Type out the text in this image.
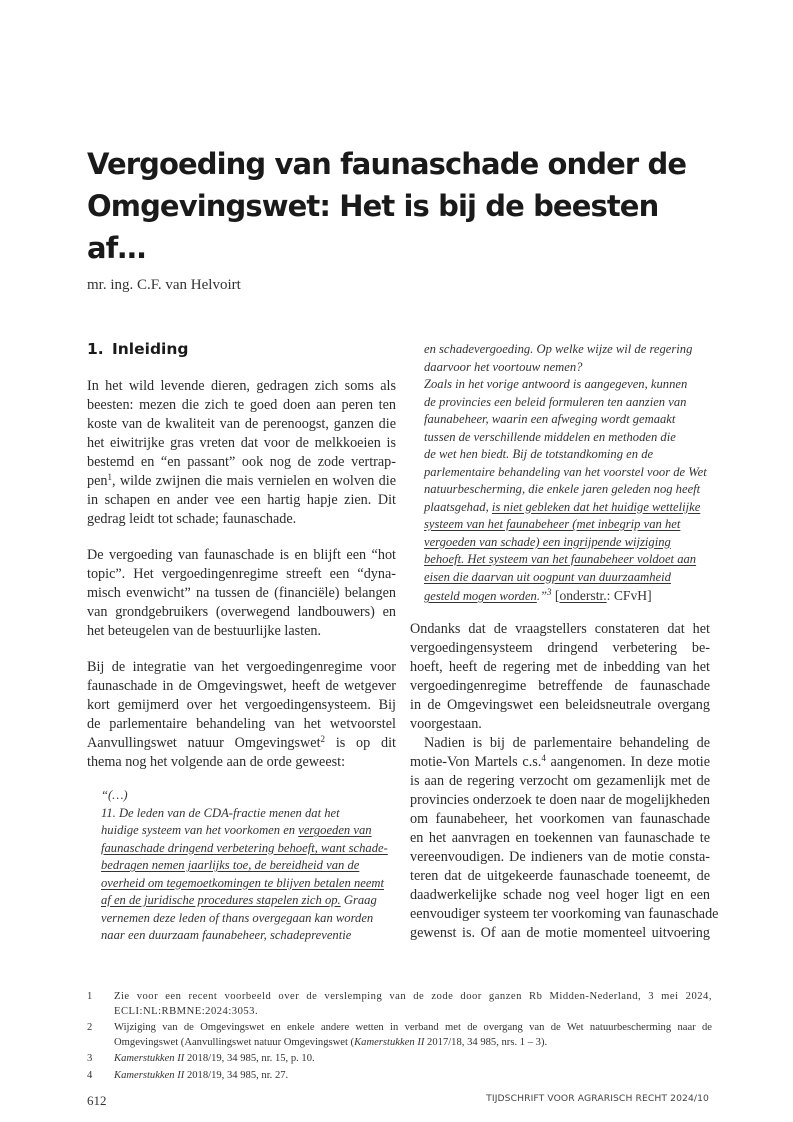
Vergoeding van faunaschade onder de
Omgevingswet: Het is bij de beesten
af…
mr. ing. C.F. van Helvoirt
1. Inleiding
In het wild levende dieren, gedragen zich soms als
beesten: mezen die zich te goed doen aan peren ten
koste van de kwaliteit van de perenoogst, ganzen die
het eiwitrijke gras vreten dat voor de melkkoeien is
bestemd en “en passant” ook nog de zode vertrap-
pen$^1$, wilde zwijnen die mais vernielen en wolven die
in schapen en ander vee een hartig hapje zien. Dit
gedrag leidt tot schade; faunaschade.
De vergoeding van faunaschade is en blijft een “hot
topic”. Het vergoedingenregime streeft een “dyna-
misch evenwicht” na tussen de (financiële) belangen
van grondgebruikers (overwegend landbouwers) en
het beteugelen van de bestuurlijke lasten.
Bij de integratie van het vergoedingenregime voor
faunaschade in de Omgevingswet, heeft de wetgever
kort gemijmerd over het vergoedingensysteem. Bij
de parlementaire behandeling van het wetvoorstel
Aanvullingswet natuur Omgevingswet$^2$ is op dit
thema nog het volgende aan de orde geweest:
“(…)
11. De leden van de CDA-fractie menen dat het
huidige systeem van het voorkomen en vergoeden van
faunaschade dringend verbetering behoeft, want schade-
bedragen nemen jaarlijks toe, de bereidheid van de
overheid om tegemoetkomingen te blijven betalen neemt
af en de juridische procedures stapelen zich op. Graag
vernemen deze leden of thans overgegaan kan worden
naar een duurzaam faunabeheer, schadepreventie
en schadevergoeding. Op welke wijze wil de regering
daarvoor het voortouw nemen?
Zoals in het vorige antwoord is aangegeven, kunnen
de provincies een beleid formuleren ten aanzien van
faunabeheer, waarin een afweging wordt gemaakt
tussen de verschillende middelen en methoden die
de wet hen biedt. Bij de totstandkoming en de
parlementaire behandeling van het voorstel voor de Wet
natuurbescherming, die enkele jaren geleden nog heeft
plaatsgehad, is niet gebleken dat het huidige wettelijke
systeem van het faunabeheer (met inbegrip van het
vergoeden van schade) een ingrijpende wijziging
behoeft. Het systeem van het faunabeheer voldoet aan
eisen die daarvan uit oogpunt van duurzaamheid
gesteld mogen worden.”$^3$ [onderstr.: CFvH]
Ondanks dat de vraagstellers constateren dat het
vergoedingensysteem dringend verbetering be-
hoeft, heeft de regering met de inbedding van het
vergoedingenregime betreffende de faunaschade
in de Omgevingswet een beleidsneutrale overgang
voorgestaan.
Nadien is bij de parlementaire behandeling de
motie-Von Martels c.s.$^4$ aangenomen. In deze motie
is aan de regering verzocht om gezamenlijk met de
provincies onderzoek te doen naar de mogelijkheden
om faunabeheer, het voorkomen van faunaschade
en het aanvragen en toekennen van faunaschade te
vereenvoudigen. De indieners van de motie consta-
teren dat de uitgekeerde faunaschade toeneemt, de
daadwerkelijke schade nog veel hoger ligt en een
eenvoudiger systeem ter voorkoming van faunaschade
gewenst is. Of aan de motie momenteel uitvoering
1	Zie voor een recent voorbeeld over de verslemping van de zode door ganzen Rb Midden-Nederland, 3 mei 2024, ECLI:NL:RBMNE:2024:3053.
2	Wijziging van de Omgevingswet en enkele andere wetten in verband met de overgang van de Wet natuurbescherming naar de Omgevingswet (Aanvullingswet natuur Omgevingswet (Kamerstukken II 2017/18, 34 985, nrs. 1 – 3).
3	Kamerstukken II 2018/19, 34 985, nr. 15, p. 10.
4	Kamerstukken II 2018/19, 34 985, nr. 27.
612	TIJDSCHRIFT VOOR AGRARISCH RECHT 2024/10
